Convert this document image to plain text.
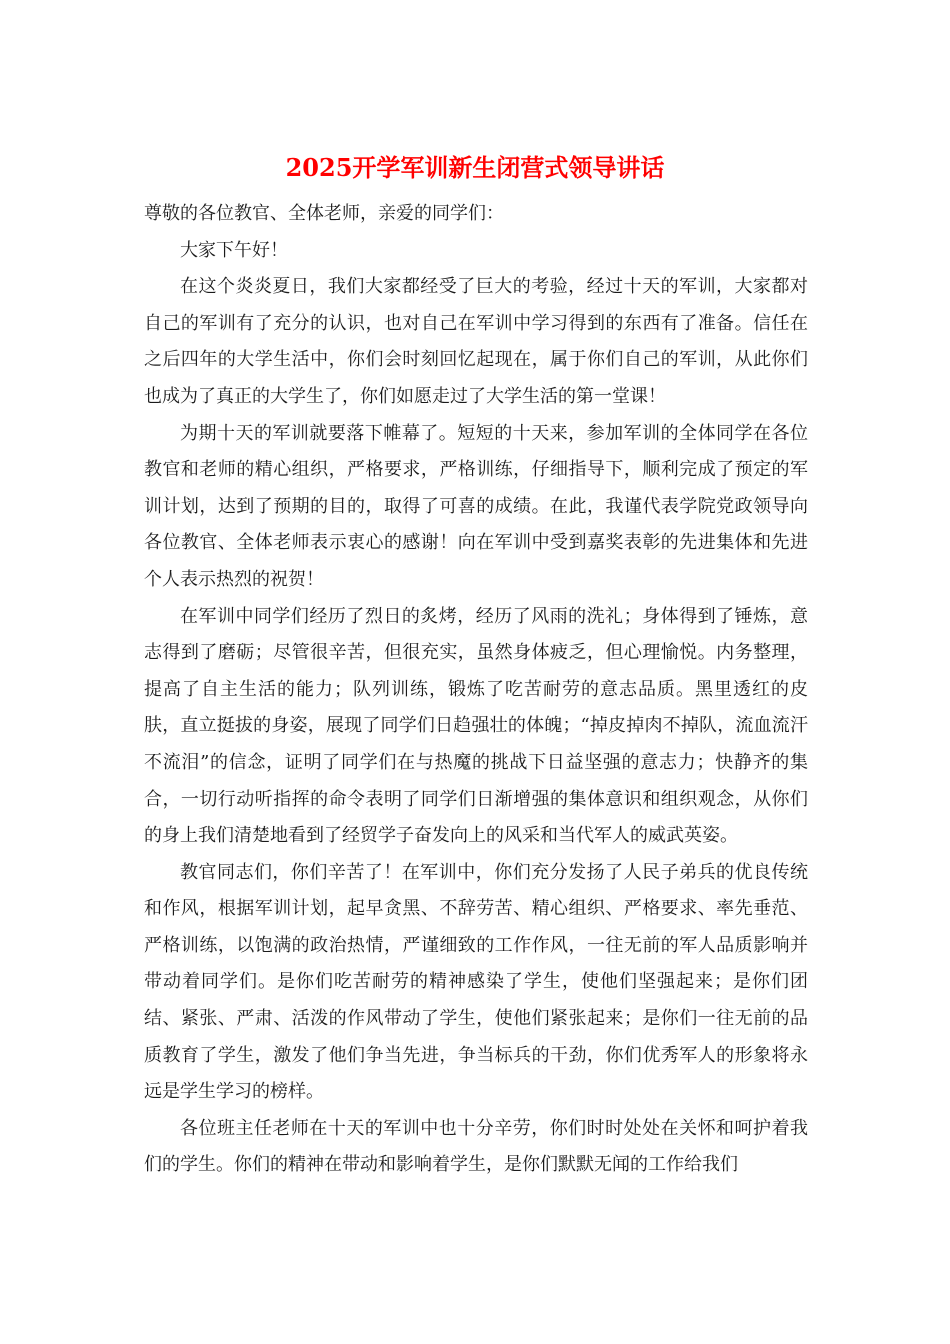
2025开学军训新生闭营式领导讲话

尊敬的各位教官、全体老师，亲爱的同学们：

大家下午好！

在这个炎炎夏日，我们大家都经受了巨大的考验，经过十天的军训，大家都对自己的军训有了充分的认识，也对自己在军训中学习得到的东西有了准备。信任在之后四年的大学生活中，你们会时刻回忆起现在，属于你们自己的军训，从此你们也成为了真正的大学生了，你们如愿走过了大学生活的第一堂课！

为期十天的军训就要落下帷幕了。短短的十天来，参加军训的全体同学在各位教官和老师的精心组织，严格要求，严格训练，仔细指导下，顺利完成了预定的军训计划，达到了预期的目的，取得了可喜的成绩。在此，我谨代表学院党政领导向各位教官、全体老师表示衷心的感谢！向在军训中受到嘉奖表彰的先进集体和先进个人表示热烈的祝贺！

在军训中同学们经历了烈日的炙烤，经历了风雨的洗礼；身体得到了锤炼，意志得到了磨砺；尽管很辛苦，但很充实，虽然身体疲乏，但心理愉悦。内务整理，提高了自主生活的能力；队列训练，锻炼了吃苦耐劳的意志品质。黑里透红的皮肤，直立挺拔的身姿，展现了同学们日趋强壮的体魄；“掉皮掉肉不掉队，流血流汗不流泪”的信念，证明了同学们在与热魔的挑战下日益坚强的意志力；快静齐的集合，一切行动听指挥的命令表明了同学们日渐增强的集体意识和组织观念，从你们的身上我们清楚地看到了经贸学子奋发向上的风采和当代军人的威武英姿。

教官同志们，你们辛苦了！在军训中，你们充分发扬了人民子弟兵的优良传统和作风，根据军训计划，起早贪黑、不辞劳苦、精心组织、严格要求、率先垂范、严格训练，以饱满的政治热情，严谨细致的工作作风，一往无前的军人品质影响并带动着同学们。是你们吃苦耐劳的精神感染了学生，使他们坚强起来；是你们团结、紧张、严肃、活泼的作风带动了学生，使他们紧张起来；是你们一往无前的品质教育了学生，激发了他们争当先进，争当标兵的干劲，你们优秀军人的形象将永远是学生学习的榜样。

各位班主任老师在十天的军训中也十分辛劳，你们时时处处在关怀和呵护着我们的学生。你们的精神在带动和影响着学生，是你们默默无闻的工作给我们
